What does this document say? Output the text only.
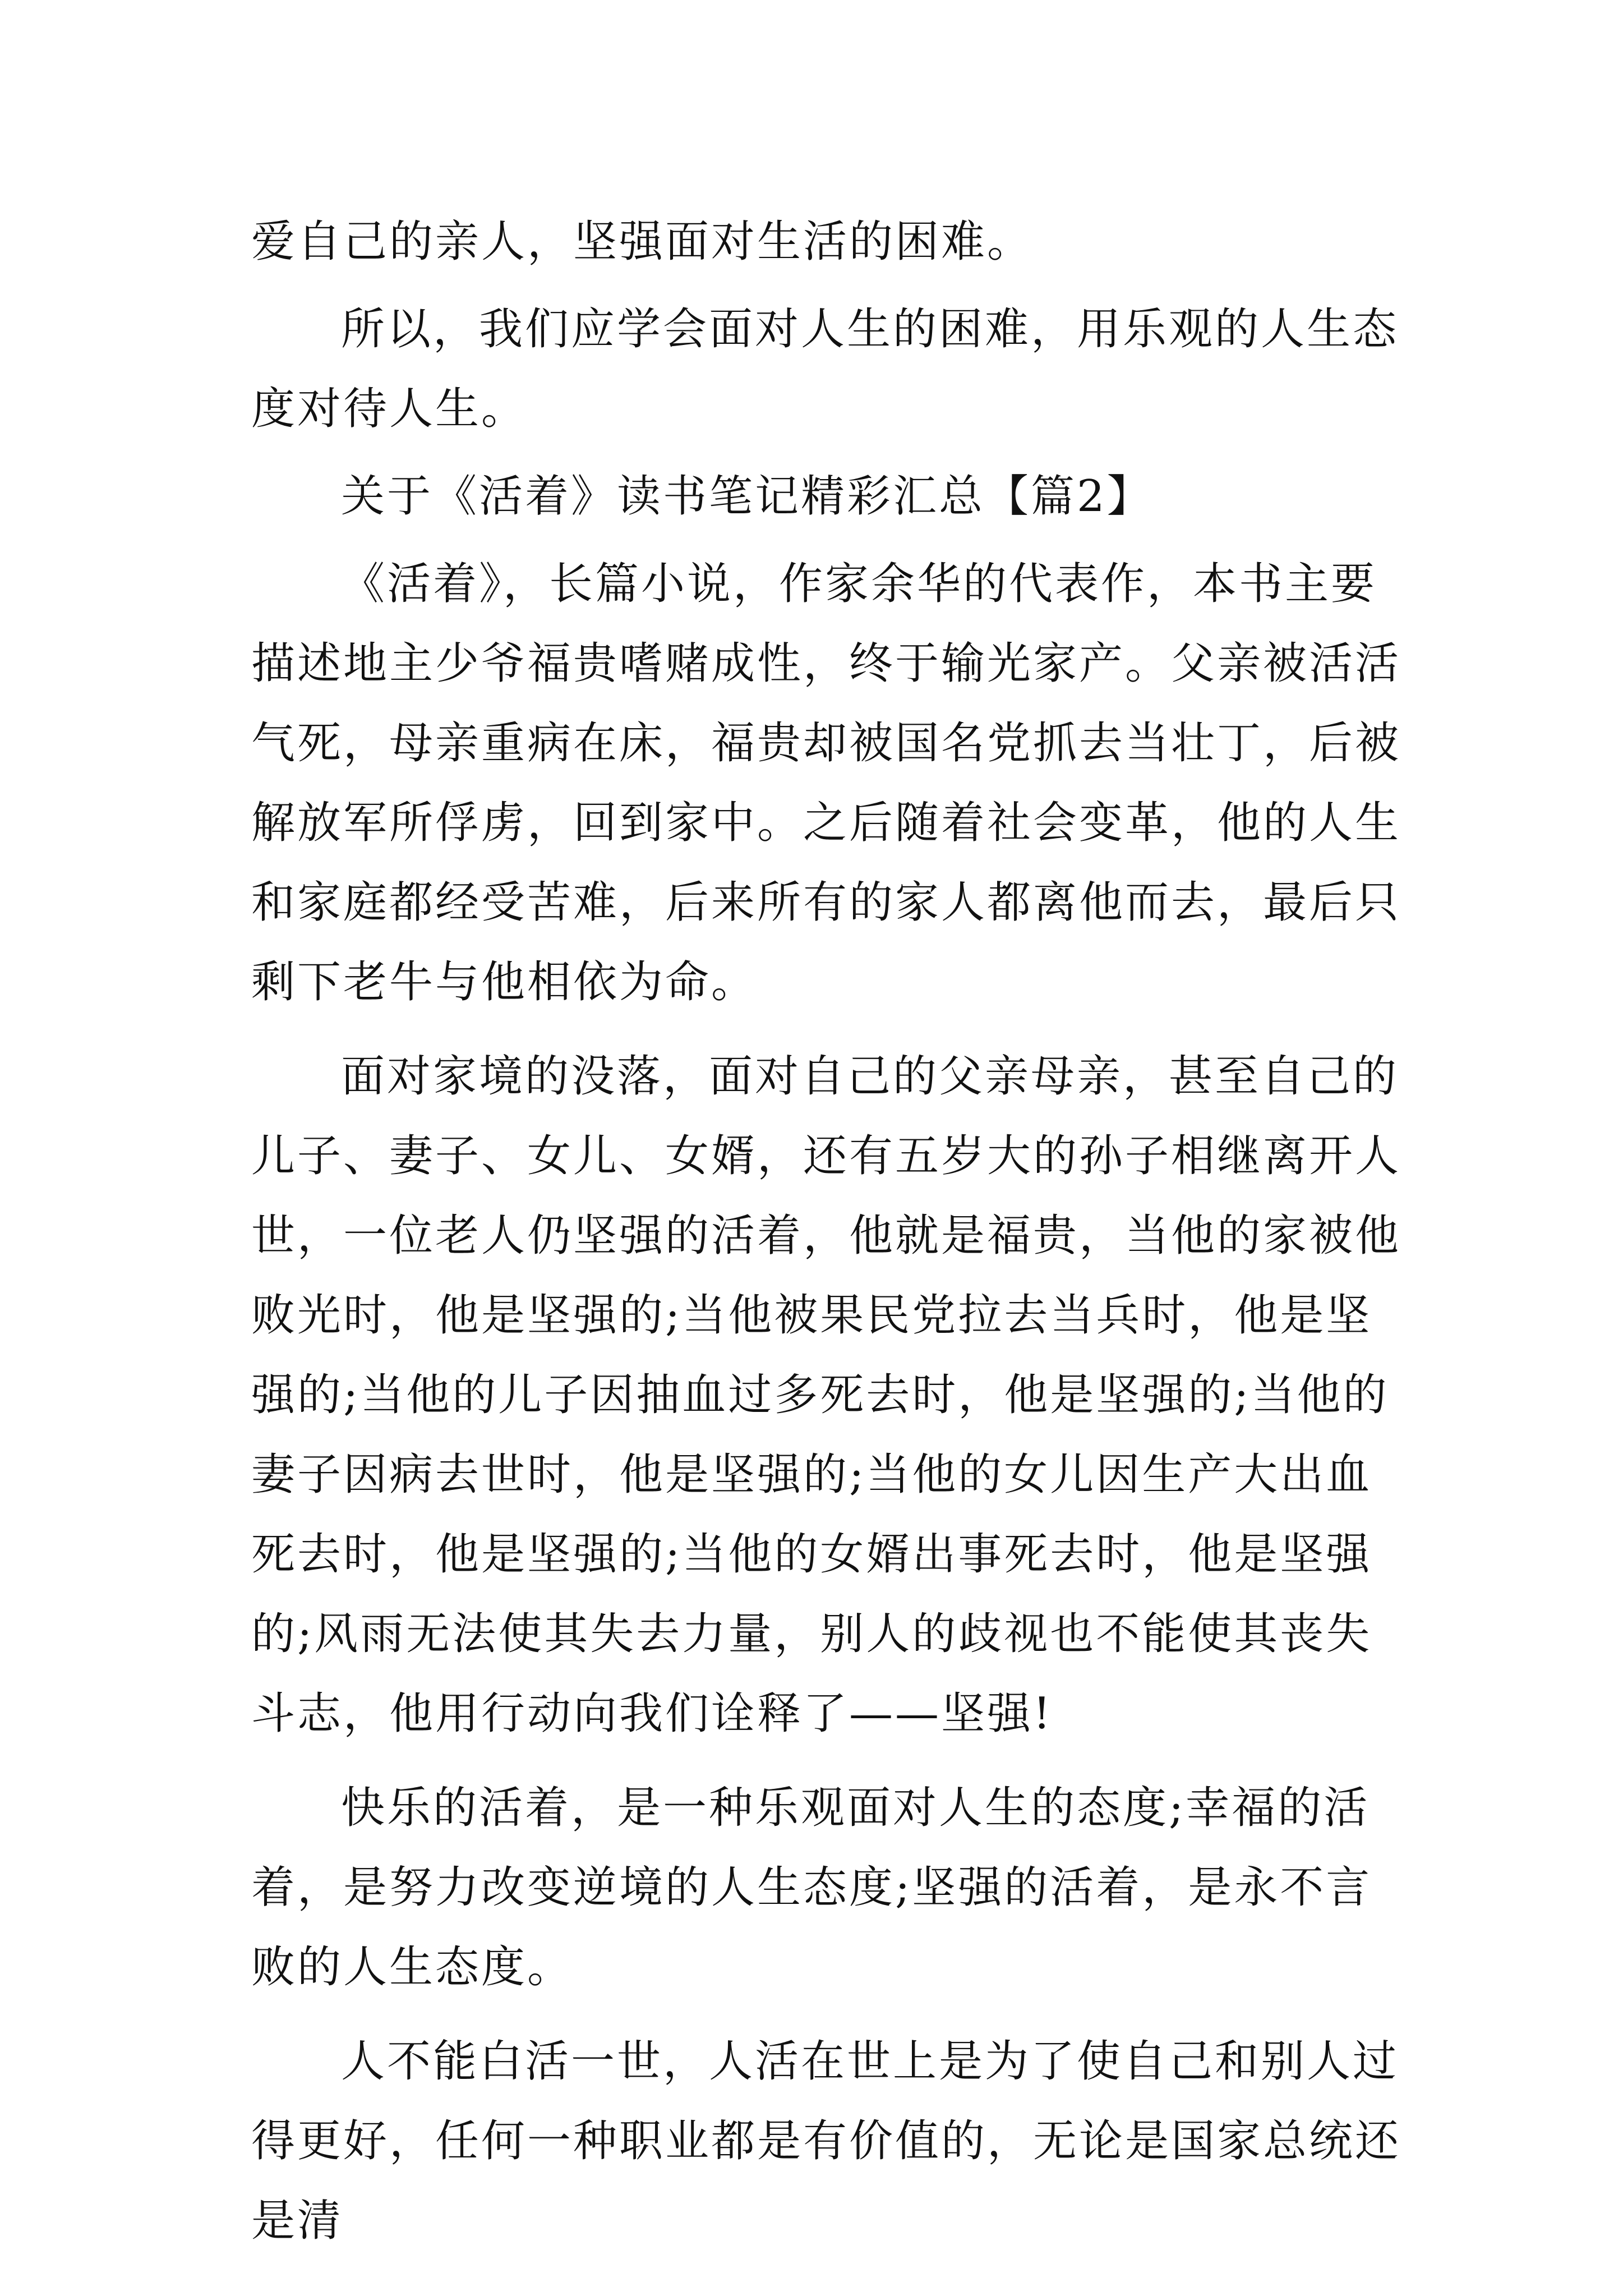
爱自己的亲人，坚强面对生活的困难。

所以，我们应学会面对人生的困难，用乐观的人生态度对待人生。

关于《活着》读书笔记精彩汇总【篇2】

《活着》，长篇小说，作家余华的代表作，本书主要描述地主少爷福贵嗜赌成性，终于输光家产。父亲被活活气死，母亲重病在床，福贵却被国名党抓去当壮丁，后被解放军所俘虏，回到家中。之后随着社会变革，他的人生和家庭都经受苦难，后来所有的家人都离他而去，最后只剩下老牛与他相依为命。

面对家境的没落，面对自己的父亲母亲，甚至自己的儿子、妻子、女儿、女婿，还有五岁大的孙子相继离开人世，一位老人仍坚强的活着，他就是福贵，当他的家被他败光时，他是坚强的;当他被果民党拉去当兵时，他是坚强的;当他的儿子因抽血过多死去时，他是坚强的;当他的妻子因病去世时，他是坚强的;当他的女儿因生产大出血死去时，他是坚强的;当他的女婿出事死去时，他是坚强的;风雨无法使其失去力量，别人的歧视也不能使其丧失斗志，他用行动向我们诠释了——坚强!

快乐的活着，是一种乐观面对人生的态度;幸福的活着，是努力改变逆境的人生态度;坚强的活着，是永不言败的人生态度。

人不能白活一世，人活在世上是为了使自己和别人过得更好，任何一种职业都是有价值的，无论是国家总统还是清
